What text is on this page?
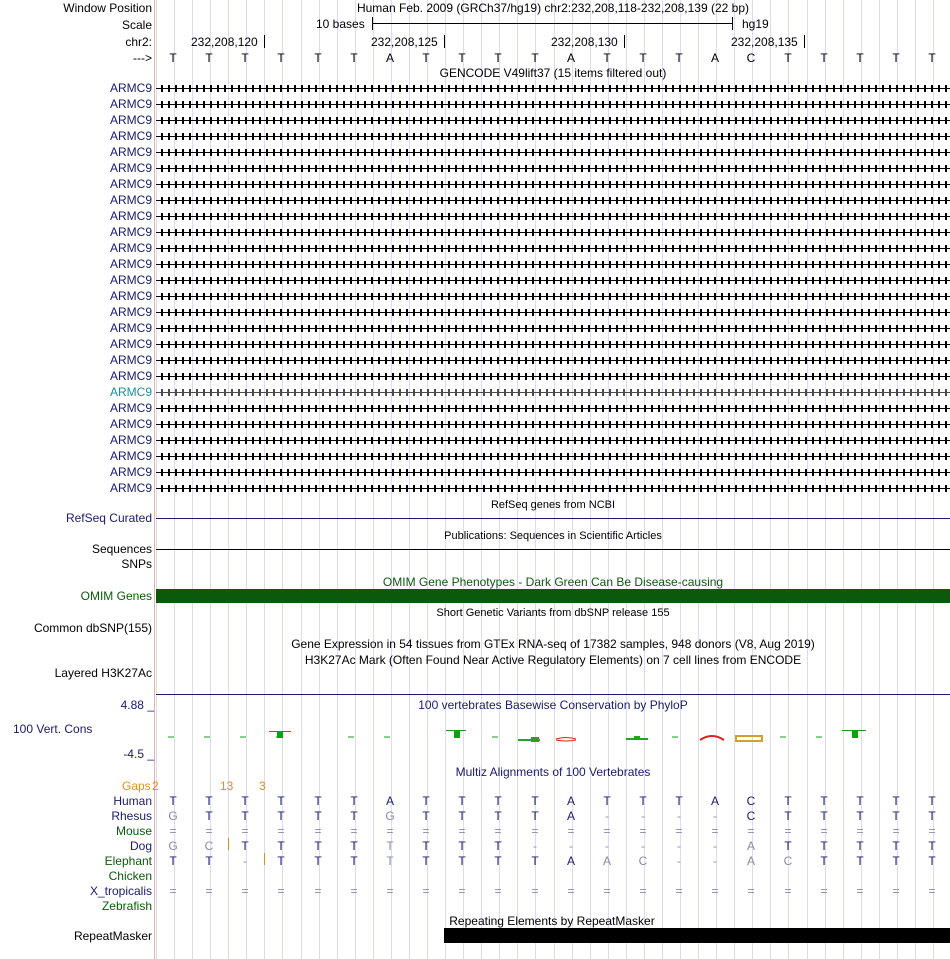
Window Position	Human Feb. 2009 (GRCh37/hg19) chr2:232,208,118-232,208,139 (22 bp)
Scale	10 bases	hg19
chr2:	232,208,120	232,208,125	232,208,130	232,208,135
--->	T	T	T	T	T	T	A	T	T	T	T	A	T	T	T	A	C	T	T	T	T	T
GENCODE V49lift37 (15 items filtered out)
ARMC9
ARMC9
ARMC9
ARMC9
ARMC9
ARMC9
ARMC9
ARMC9
ARMC9
ARMC9
ARMC9
ARMC9
ARMC9
ARMC9
ARMC9
ARMC9
ARMC9
ARMC9
ARMC9
ARMC9
ARMC9
ARMC9
ARMC9
ARMC9
ARMC9
ARMC9
RefSeq genes from NCBI
RefSeq Curated
Publications: Sequences in Scientific Articles
Sequences
SNPs
OMIM Gene Phenotypes - Dark Green Can Be Disease-causing
OMIM Genes
Short Genetic Variants from dbSNP release 155
Common dbSNP(155)
Gene Expression in 54 tissues from GTEx RNA-seq of 17382 samples, 948 donors (V8, Aug 2019)
H3K27Ac Mark (Often Found Near Active Regulatory Elements) on 7 cell lines from ENCODE
Layered H3K27Ac
4.88 _	100 vertebrates Basewise Conservation by PhyloP
100 Vert. Cons
-4.5 _
Multiz Alignments of 100 Vertebrates
Gaps 2	13 3
Human	T	T	T	T	T	T	A	T	T	T	T	A	T	T	T	A	C	T	T	T	T	T
Rhesus	G	T	T	T	T	T	G	T	T	T	T	A	-	-	-	-	C	T	T	T	T	T
Mouse	=	=	=	=	=	=	=	=	=	=	=	=	=	=	=	=	=	=	=	=	=	=
Dog	G	C	T	T	T	T	T	T	T	T	-	-	-	-	-	-	A	T	T	T	T	T
Elephant	T	T	-	T	T	T	T	T	T	T	T	A	A	C	-	-	A	C	T	T	T	T
Chicken
X_tropicalis	=	=	=	=	=	=	=	=	=	=	=	=	=	=	=	=	=	=	=	=	=	=
Zebrafish
Repeating Elements by RepeatMasker
RepeatMasker
